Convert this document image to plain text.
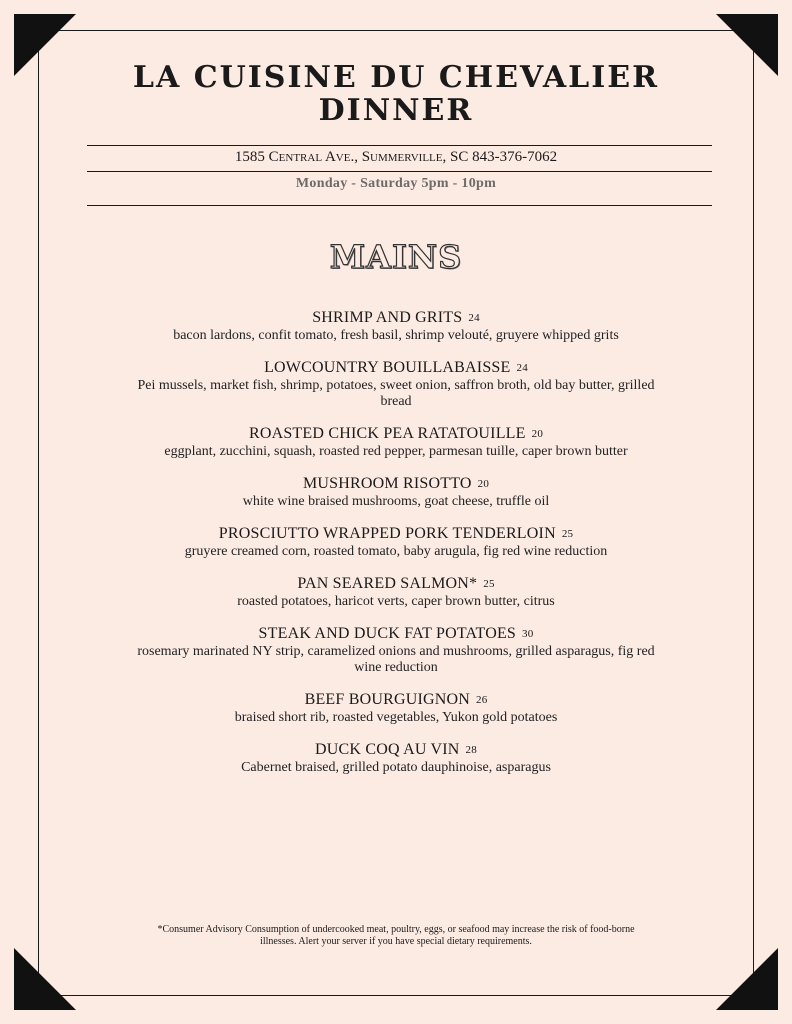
LA CUISINE DU CHEVALIER
DINNER
1585 Central Ave., Summerville, SC 843-376-7062
Monday - Saturday 5pm - 10pm
MAINS
SHRIMP AND GRITS 24
bacon lardons, confit tomato, fresh basil, shrimp velouté, gruyere whipped grits
LOWCOUNTRY BOUILLABAISSE 24
Pei mussels, market fish, shrimp, potatoes, sweet onion, saffron broth, old bay butter, grilled bread
ROASTED CHICK PEA RATATOUILLE 20
eggplant, zucchini, squash, roasted red pepper, parmesan tuille, caper brown butter
MUSHROOM RISOTTO 20
white wine braised mushrooms, goat cheese, truffle oil
PROSCIUTTO WRAPPED PORK TENDERLOIN 25
gruyere creamed corn, roasted tomato, baby arugula, fig red wine reduction
PAN SEARED SALMON* 25
roasted potatoes, haricot verts, caper brown butter, citrus
STEAK AND DUCK FAT POTATOES 30
rosemary marinated NY strip, caramelized onions and mushrooms, grilled asparagus, fig red wine reduction
BEEF BOURGUIGNON 26
braised short rib, roasted vegetables, Yukon gold potatoes
DUCK COQ AU VIN 28
Cabernet braised, grilled potato dauphinoise, asparagus
*Consumer Advisory Consumption of undercooked meat, poultry, eggs, or seafood may increase the risk of food-borne illnesses. Alert your server if you have special dietary requirements.
